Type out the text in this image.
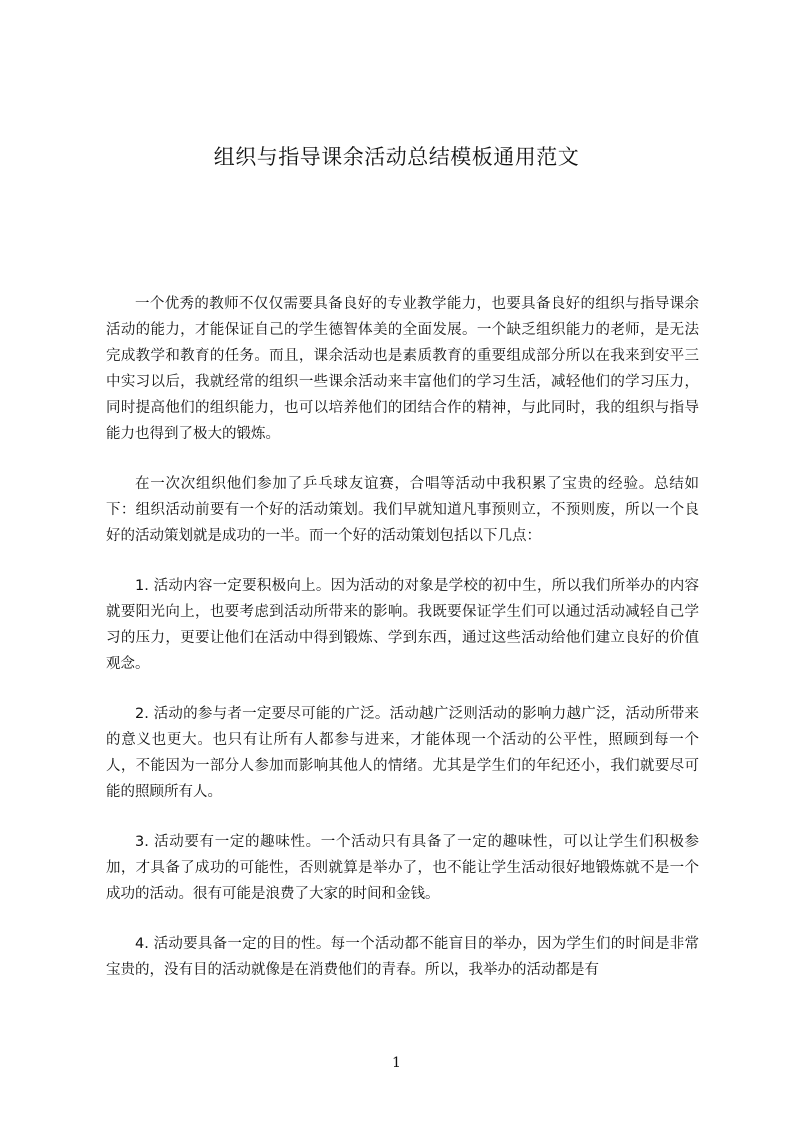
组织与指导课余活动总结模板通用范文

一个优秀的教师不仅仅需要具备良好的专业教学能力，也要具备良好的组织与指导课余活动的能力，才能保证自己的学生德智体美的全面发展。一个缺乏组织能力的老师，是无法完成教学和教育的任务。而且，课余活动也是素质教育的重要组成部分所以在我来到安平三中实习以后，我就经常的组织一些课余活动来丰富他们的学习生活，减轻他们的学习压力，同时提高他们的组织能力，也可以培养他们的团结合作的精神，与此同时，我的组织与指导能力也得到了极大的锻炼。

在一次次组织他们参加了乒乓球友谊赛，合唱等活动中我积累了宝贵的经验。总结如下：组织活动前要有一个好的活动策划。我们早就知道凡事预则立，不预则废，所以一个良好的活动策划就是成功的一半。而一个好的活动策划包括以下几点：

1. 活动内容一定要积极向上。因为活动的对象是学校的初中生，所以我们所举办的内容就要阳光向上，也要考虑到活动所带来的影响。我既要保证学生们可以通过活动减轻自己学习的压力，更要让他们在活动中得到锻炼、学到东西，通过这些活动给他们建立良好的价值观念。

2. 活动的参与者一定要尽可能的广泛。活动越广泛则活动的影响力越广泛，活动所带来的意义也更大。也只有让所有人都参与进来，才能体现一个活动的公平性，照顾到每一个人，不能因为一部分人参加而影响其他人的情绪。尤其是学生们的年纪还小，我们就要尽可能的照顾所有人。

3. 活动要有一定的趣味性。一个活动只有具备了一定的趣味性，可以让学生们积极参加，才具备了成功的可能性，否则就算是举办了，也不能让学生活动很好地锻炼就不是一个成功的活动。很有可能是浪费了大家的时间和金钱。

4. 活动要具备一定的目的性。每一个活动都不能盲目的举办，因为学生们的时间是非常宝贵的，没有目的活动就像是在消费他们的青春。所以，我举办的活动都是有

1
